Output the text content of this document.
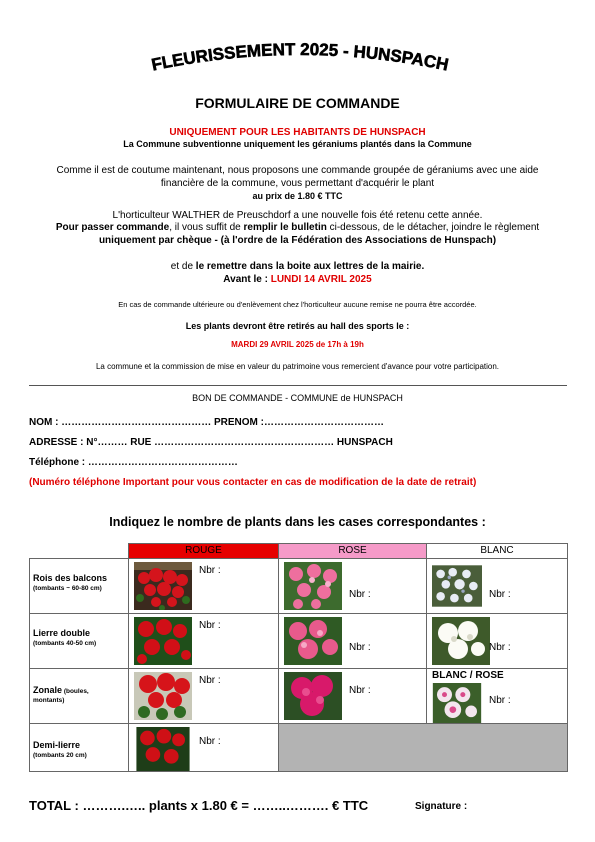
FLEURISSEMENT 2025 - HUNSPACH
FORMULAIRE DE COMMANDE
UNIQUEMENT POUR LES HABITANTS DE HUNSPACH
La Commune subventionne uniquement les géraniums plantés dans la Commune
Comme il est de coutume maintenant, nous proposons une commande groupée de géraniums avec une aide
financière de la commune, vous permettant d'acquérir le plant
au prix de 1.80 € TTC
L'horticulteur WALTHER de Preuschdorf a une nouvelle fois été retenu cette année.
Pour passer commande, il vous suffit de remplir le bulletin ci-dessous, de le détacher, joindre le règlement
uniquement par chèque - (à l'ordre de la Fédération des Associations de Hunspach)
et de le remettre dans la boite aux lettres de la mairie.
Avant le : LUNDI 14 AVRIL 2025
En cas de commande ultérieure ou d'enlèvement chez l'horticulteur aucune remise ne pourra être accordée.
Les plants devront être retirés au hall des sports le :
MARDI 29 AVRIL 2025 de 17h à 19h
La commune et la commission de mise en valeur du patrimoine vous remercient d'avance pour votre participation.
BON DE COMMANDE - COMMUNE de HUNSPACH
NOM : ……………………………………… PRENOM :………………………………
ADRESSE : N°……… RUE ……………………………………………… HUNSPACH
Téléphone : ………………………………………
(Numéro téléphone Important pour vous contacter en cas de modification de la date de retrait)
Indiquez le nombre de plants dans les cases correspondantes :
	ROUGE	ROSE	BLANC

Rois des balcons
(tombants ~ 60-80 cm)	Nbr :	Nbr :	Nbr :

Lierre double
(tombants 40-50 cm)	Nbr :	Nbr :	Nbr :

Zonale (boules,
montants)	Nbr :	Nbr :	BLANC / ROSE
Nbr :

Demi-lierre
(tombants 20 cm)	Nbr :		

TOTAL : ……….….. plants x 1.80 € = ……..………. € TTC	Signature :
